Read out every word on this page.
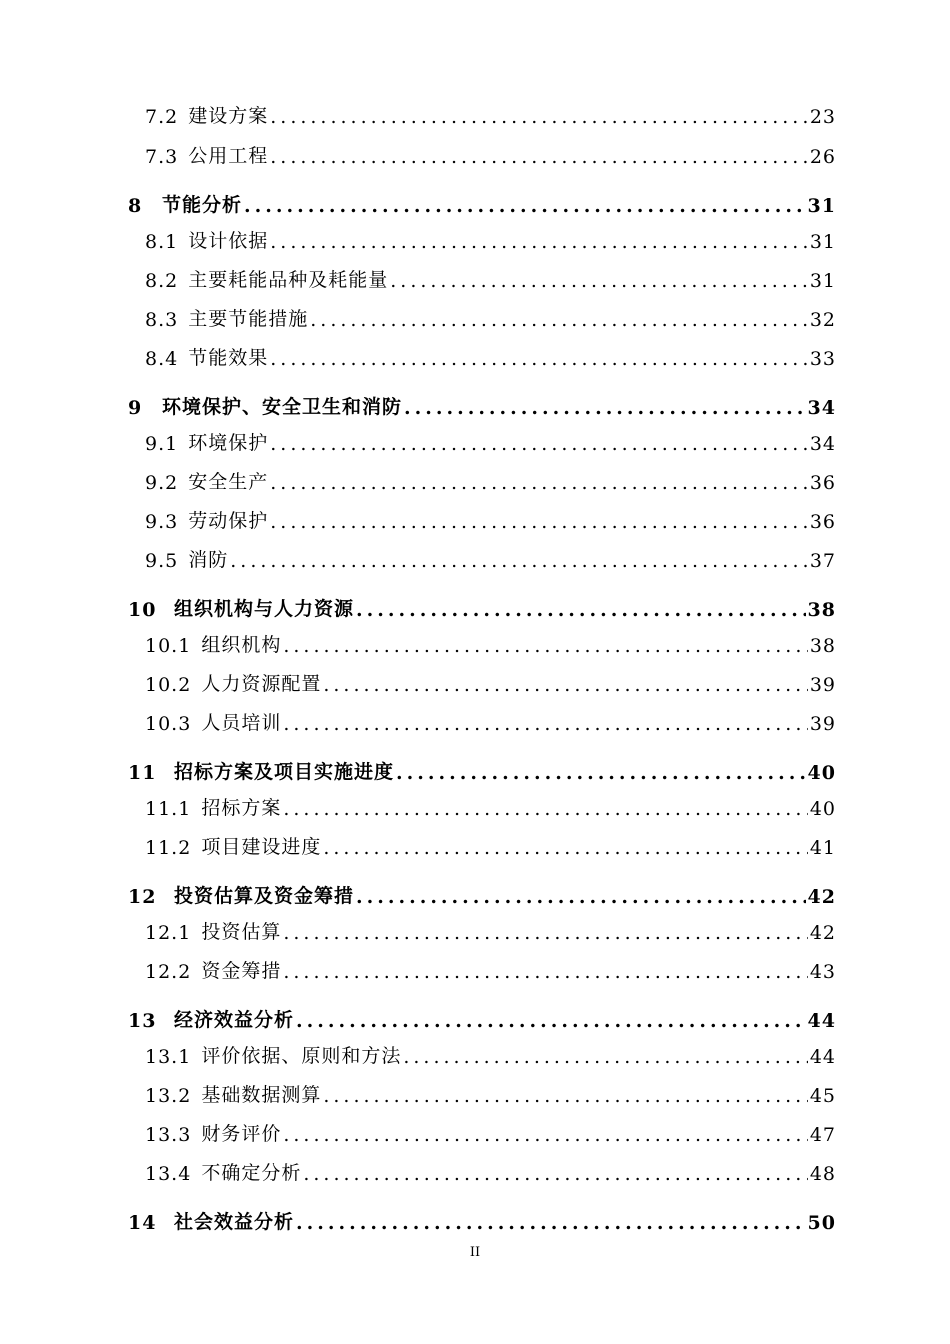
7.2 建设方案 .....	23
7.3 公用工程 .....	26
8	节能分析 .....	31
8.1 设计依据 .....	31
8.2 主要耗能品种及耗能量 .....	31
8.3 主要节能措施 .....	32
8.4 节能效果 .....	33
9	环境保护、安全卫生和消防 .....	34
9.1 环境保护 .....	34
9.2 安全生产 .....	36
9.3 劳动保护 .....	36
9.5 消防 .....	37
10 组织机构与人力资源 .....	38
10.1 组织机构 .....	38
10.2 人力资源配置 .....	39
10.3 人员培训 .....	39
11 招标方案及项目实施进度 .....	40
11.1 招标方案 .....	40
11.2 项目建设进度 .....	41
12 投资估算及资金筹措 .....	42
12.1 投资估算 .....	42
12.2 资金筹措 .....	43
13 经济效益分析 .....	44
13.1 评价依据、原则和方法 .....	44
13.2 基础数据测算 .....	45
13.3 财务评价 .....	47
13.4 不确定分析 .....	48
14 社会效益分析 .....	50
II
